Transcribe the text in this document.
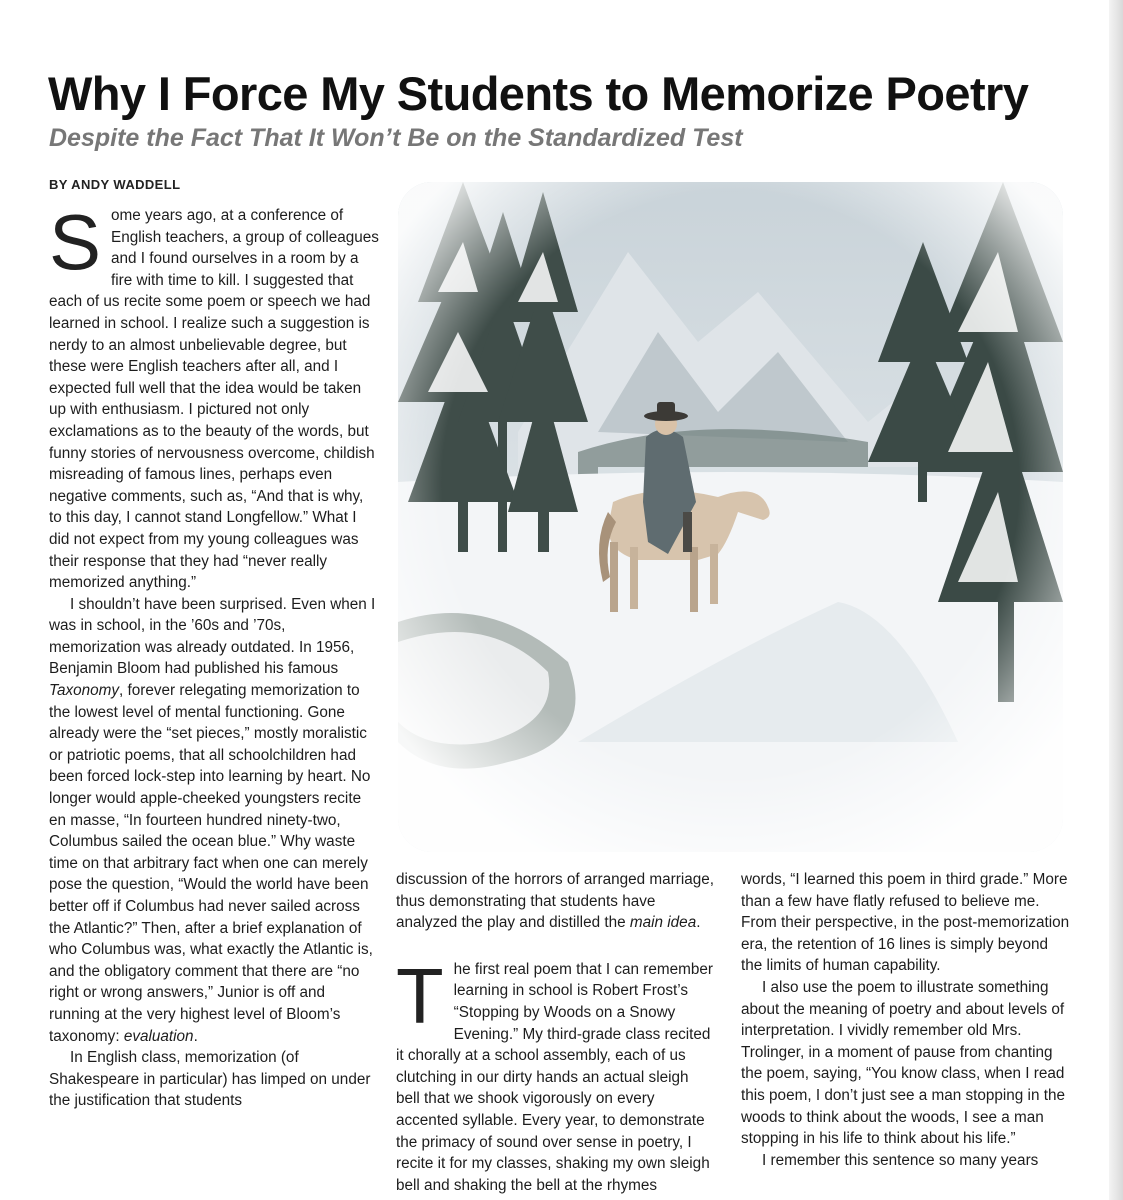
Why I Force My Students to Memorize Poetry
Despite the Fact That It Won’t Be on the Standardized Test
BY ANDY WADDELL

Some years ago, at a conference of English teachers, a group of colleagues and I found ourselves in a room by a fire with time to kill. I suggested that each of us recite some poem or speech we had learned in school. I realize such a suggestion is nerdy to an almost unbelievable degree, but these were English teachers after all, and I expected full well that the idea would be taken up with enthusiasm. I pictured not only exclamations as to the beauty of the words, but funny stories of nervousness overcome, childish misreading of famous lines, perhaps even negative comments, such as, “And that is why, to this day, I cannot stand Longfellow.” What I did not expect from my young colleagues was their response that they had “never really memorized anything.”

I shouldn’t have been surprised. Even when I was in school, in the ’60s and ’70s, memorization was already outdated. In 1956, Benjamin Bloom had published his famous Taxonomy, forever relegating memorization to the lowest level of mental functioning. Gone already were the “set pieces,” mostly moralistic or patriotic poems, that all schoolchildren had been forced lock-step into learning by heart. No longer would apple-cheeked youngsters recite en masse, “In fourteen hundred ninety-two, Columbus sailed the ocean blue.” Why waste time on that arbitrary fact when one can merely pose the question, “Would the world have been better off if Columbus had never sailed across the Atlantic?” Then, after a brief explanation of who Columbus was, what exactly the Atlantic is, and the obligatory comment that there are “no right or wrong answers,” Junior is off and running at the very highest level of Bloom’s taxonomy: evaluation.

In English class, memorization (of Shakespeare in particular) has limped on under the justification that students

discussion of the horrors of arranged marriage, thus demonstrating that students have analyzed the play and distilled the main idea.

The first real poem that I can remember learning in school is Robert Frost’s “Stopping by Woods on a Snowy Evening.” My third-grade class recited it chorally at a school assembly, each of us clutching in our dirty hands an actual sleigh bell that we shook vigorously on every accented syllable. Every year, to demonstrate the primacy of sound over sense in poetry, I recite it for my classes, shaking my own sleigh bell and shaking the bell at the rhymes

words, “I learned this poem in third grade.” More than a few have flatly refused to believe me. From their perspective, in the post-memorization era, the retention of 16 lines is simply beyond the limits of human capability.

I also use the poem to illustrate something about the meaning of poetry and about levels of interpretation. I vividly remember old Mrs. Trolinger, in a moment of pause from chanting the poem, saying, “You know class, when I read this poem, I don’t just see a man stopping in the woods to think about the woods, I see a man stopping in his life to think about his life.”

I remember this sentence so many years
